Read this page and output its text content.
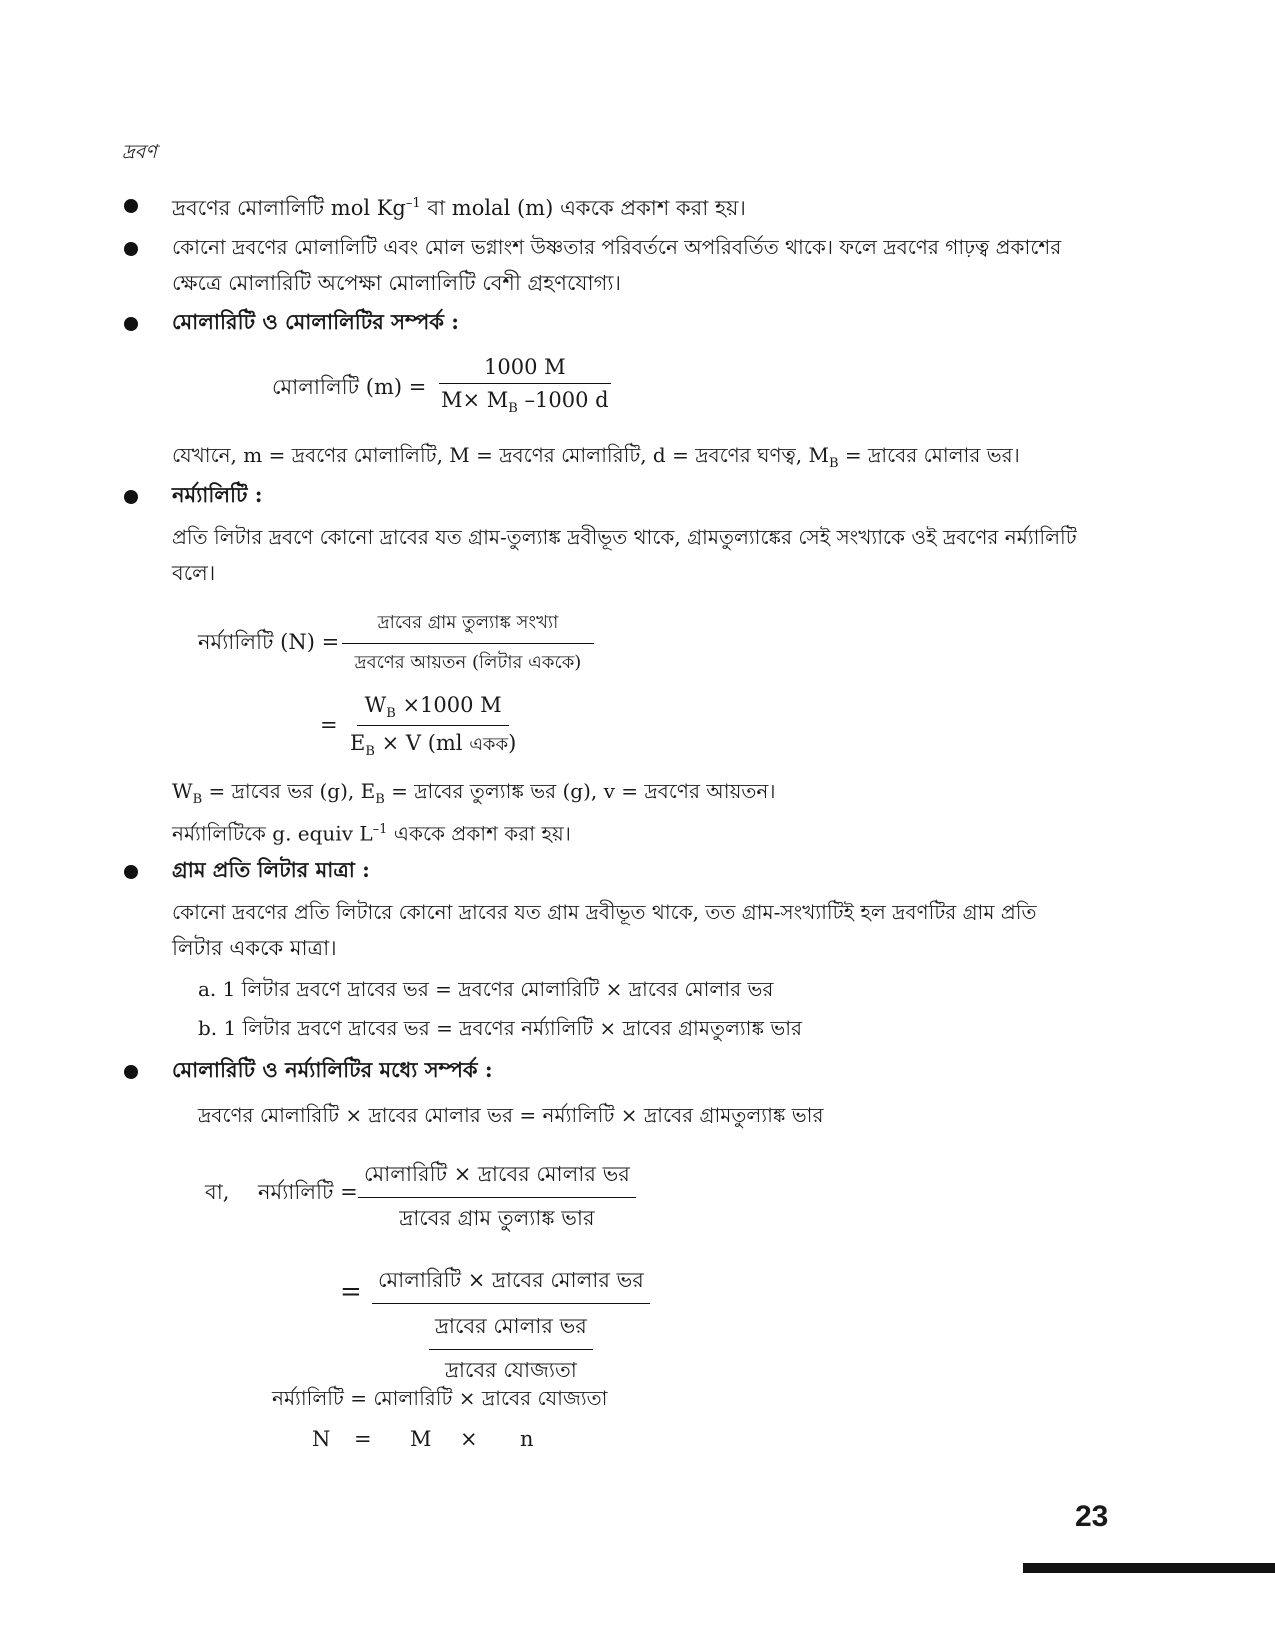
দ্রবণ
দ্রবণের মোলালিটি mol $Kg^{-1}$ বা molal (m) এককে প্রকাশ করা হয়।
কোনো দ্রবণের মোলালিটি এবং মোল ভগ্নাংশ উষ্ণতার পরিবর্তনে অপরিবর্তিত থাকে। ফলে দ্রবণের গাঢ়ত্ব প্রকাশের
ক্ষেত্রে মোলারিটি অপেক্ষা মোলালিটি বেশী গ্রহণযোগ্য।
মোলারিটি ও মোলালিটির সম্পর্ক :
মোলালিটি $(m) = \frac{1000 M}{M\times M_B -1000 d}$
যেখানে, m = দ্রবণের মোলালিটি, M = দ্রবণের মোলারিটি, d = দ্রবণের ঘণত্ব, $M_B$ = দ্রাবের মোলার ভর।
নর্ম্যালিটি :
প্রতি লিটার দ্রবণে কোনো দ্রাবের যত গ্রাম-তুল্যাঙ্ক দ্রবীভূত থাকে, গ্রামতুল্যাঙ্কের সেই সংখ্যাকে ওই দ্রবণের নর্ম্যালিটি
বলে।
নর্ম্যালিটি (N) =
দ্রাবের গ্রাম তুল্যাঙ্ক সংখ্যা
দ্রবণের আয়তন (লিটার এককে)
=
$W_B \times 1000$ M
$E_B \times V$ (ml একক)
$W_B$ = দ্রাবের ভর (g), $E_B$ = দ্রাবের তুল্যাঙ্ক ভর (g), v = দ্রবণের আয়তন।
নর্ম্যালিটিকে g. equiv $L^{-1}$ এককে প্রকাশ করা হয়।
গ্রাম প্রতি লিটার মাত্রা :
কোনো দ্রবণের প্রতি লিটারে কোনো দ্রাবের যত গ্রাম দ্রবীভূত থাকে, তত গ্রাম-সংখ্যাটিই হল দ্রবণটির গ্রাম প্রতি
লিটার এককে মাত্রা।
a. 1 লিটার দ্রবণে দ্রাবের ভর = দ্রবণের মোলারিটি × দ্রাবের মোলার ভর
b. 1 লিটার দ্রবণে দ্রাবের ভর = দ্রবণের নর্ম্যালিটি × দ্রাবের গ্রামতুল্যাঙ্ক ভার
মোলারিটি ও নর্ম্যালিটির মধ্যে সম্পর্ক :
দ্রবণের মোলারিটি × দ্রাবের মোলার ভর = নর্ম্যালিটি × দ্রাবের গ্রামতুল্যাঙ্ক ভার
বা, নর্ম্যালিটি =
মোলারিটি × দ্রাবের মোলার ভর
দ্রাবের গ্রাম তুল্যাঙ্ক ভার
= মোলারিটি × দ্রাবের মোলার ভর
দ্রাবের মোলার ভর
দ্রাবের যোজ্যতা
নর্ম্যালিটি = মোলারিটি × দ্রাবের যোজ্যতা
N = M × n
23
